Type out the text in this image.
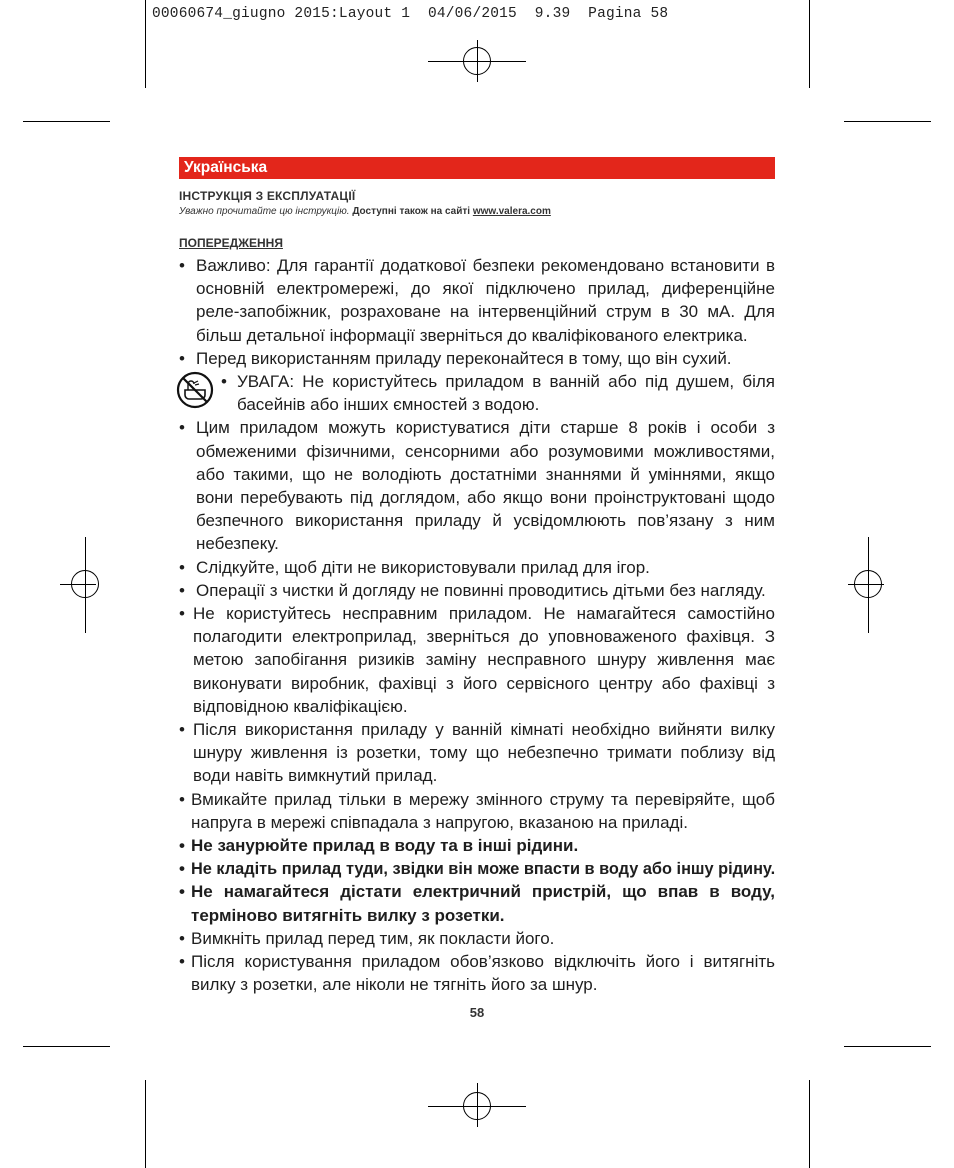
00060674_giugno 2015:Layout 1  04/06/2015  9.39  Pagina 58
Українська
ІНСТРУКЦІЯ З ЕКСПЛУАТАЦІЇ
Уважно прочитайте цю інструкцію. Доступні також на сайті www.valera.com
ПОПЕРЕДЖЕННЯ
• Важливо: Для гарантії додаткової безпеки рекомендовано встановити в основній електромережі, до якої підключено прилад, диференційне реле-запобіжник, розраховане на інтервенційний струм в 30 мА. Для більш детальної інформації зверніться до кваліфікованого електрика.
• Перед використанням приладу переконайтеся в тому, що він сухий.
• УВАГА: Не користуйтесь приладом в ванній або під душем, біля басейнів або інших ємностей з водою.
• Цим приладом можуть користуватися діти старше 8 років і особи з обмеженими фізичними, сенсорними або розумовими можливостями, або такими, що не володіють достатніми знаннями й уміннями, якщо вони перебувають під доглядом, або якщо вони проінструктовані щодо безпечного використання приладу й усвідомлюють пов’язану з ним небезпеку.
• Слідкуйте, щоб діти не використовували прилад для ігор.
• Операції з чистки й догляду не повинні проводитись дітьми без нагляду.
• Не користуйтесь несправним приладом. Не намагайтеся самостійно полагодити електроприлад, зверніться до уповноваженого фахівця. З метою запобігання ризиків заміну несправного шнуру живлення має виконувати виробник, фахівці з його сервісного центру або фахівці з відповідною кваліфікацією.
• Після використання приладу у ванній кімнаті необхідно вийняти вилку шнуру живлення із розетки, тому що небезпечно тримати поблизу від води навіть вимкнутий прилад.
• Вмикайте прилад тільки в мережу змінного струму та перевіряйте, щоб напруга в мережі співпадала з напругою, вказаною на приладі.
• Не занурюйте прилад в воду та в інші рідини.
• Не кладіть прилад туди, звідки він може впасти в воду або іншу рідину.
• Не намагайтеся дістати електричний пристрій, що впав в воду, терміново витягніть вилку з розетки.
• Вимкніть прилад перед тим, як покласти його.
• Після користування приладом обов’язково відключіть його і витягніть вилку з розетки, але ніколи не тягніть його за шнур.
58
